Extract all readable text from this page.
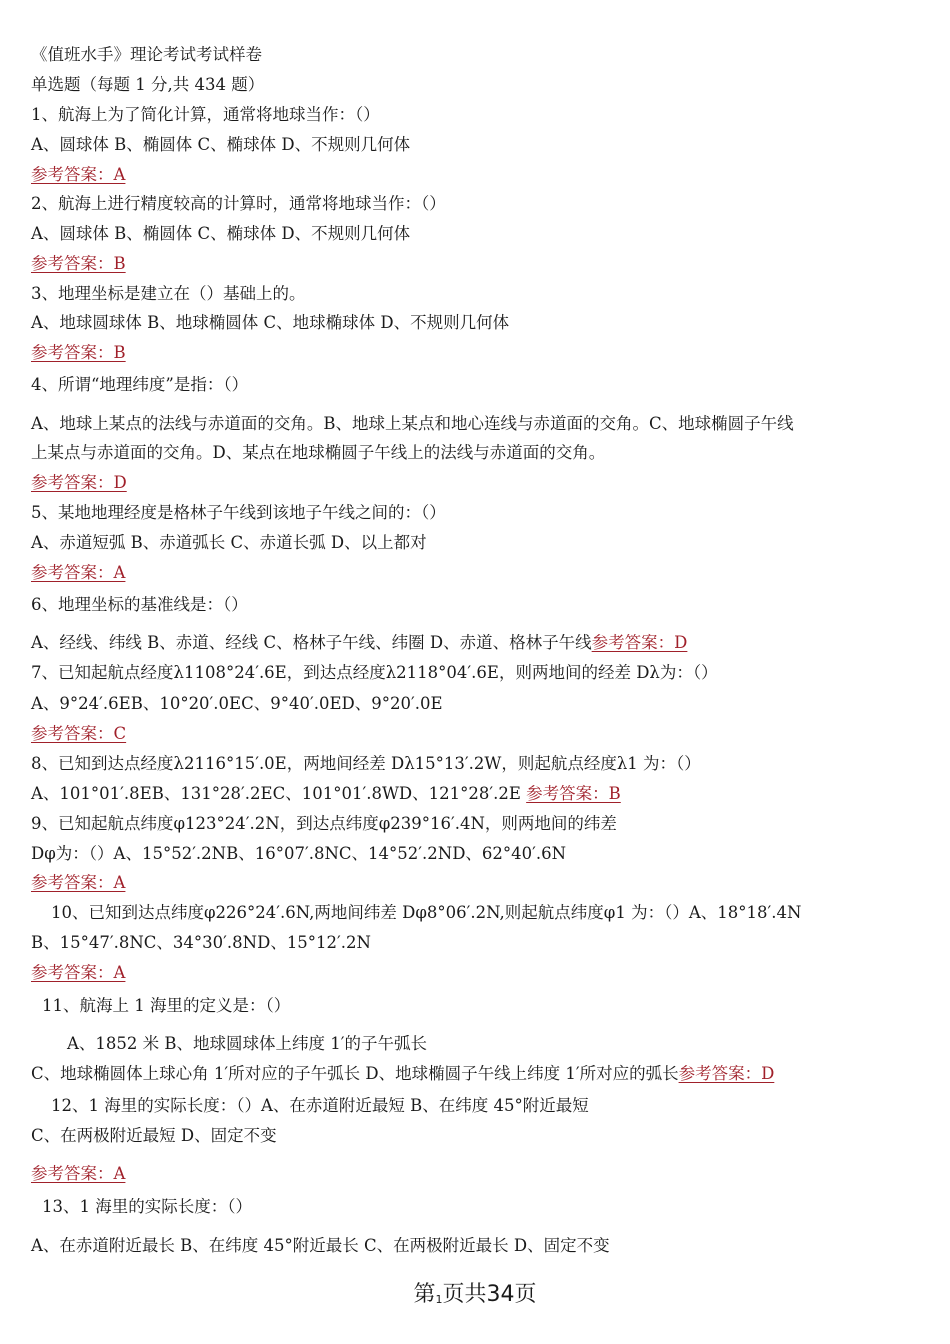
《值班水手》理论考试考试样卷
单选题（每题 1 分,共 434 题）
1、航海上为了简化计算，通常将地球当作：（）
A、圆球体 B、椭圆体 C、椭球体 D、不规则几何体
参考答案：A
2、航海上进行精度较高的计算时，通常将地球当作：（）
A、圆球体 B、椭圆体 C、椭球体 D、不规则几何体
参考答案：B
3、地理坐标是建立在（）基础上的。
A、地球圆球体 B、地球椭圆体 C、地球椭球体 D、不规则几何体
参考答案：B
4、所谓“地理纬度”是指：（）
A、地球上某点的法线与赤道面的交角。B、地球上某点和地心连线与赤道面的交角。C、地球椭圆子午线
上某点与赤道面的交角。D、某点在地球椭圆子午线上的法线与赤道面的交角。
参考答案：D
5、某地地理经度是格林子午线到该地子午线之间的：（）
A、赤道短弧 B、赤道弧长 C、赤道长弧 D、以上都对
参考答案：A
6、地理坐标的基准线是：（）
A、经线、纬线 B、赤道、经线 C、格林子午线、纬圈 D、赤道、格林子午线参考答案：D
7、已知起航点经度λ1108°24′.6E，到达点经度λ2118°04′.6E，则两地间的经差 Dλ为：（）
A、9°24′.6EB、10°20′.0EC、9°40′.0ED、9°20′.0E
参考答案：C
8、已知到达点经度λ2116°15′.0E，两地间经差 Dλ15°13′.2W，则起航点经度λ1 为：（）
A、101°01′.8EB、131°28′.2EC、101°01′.8WD、121°28′.2E 参考答案：B
9、已知起航点纬度φ123°24′.2N，到达点纬度φ239°16′.4N，则两地间的纬差
Dφ为：（）A、15°52′.2NB、16°07′.8NC、14°52′.2ND、62°40′.6N
参考答案：A
10、已知到达点纬度φ226°24′.6N,两地间纬差 Dφ8°06′.2N,则起航点纬度φ1 为：（）A、18°18′.4N
B、15°47′.8NC、34°30′.8ND、15°12′.2N
参考答案：A
11、航海上 1 海里的定义是：（）
A、1852 米 B、地球圆球体上纬度 1′的子午弧长
C、地球椭圆体上球心角 1′所对应的子午弧长 D、地球椭圆子午线上纬度 1′所对应的弧长参考答案：D
12、1 海里的实际长度：（）A、在赤道附近最短 B、在纬度 45°附近最短
C、在两极附近最短 D、固定不变
参考答案：A
13、1 海里的实际长度：（）
A、在赤道附近最长 B、在纬度 45°附近最长 C、在两极附近最长 D、固定不变
第1页共34页
